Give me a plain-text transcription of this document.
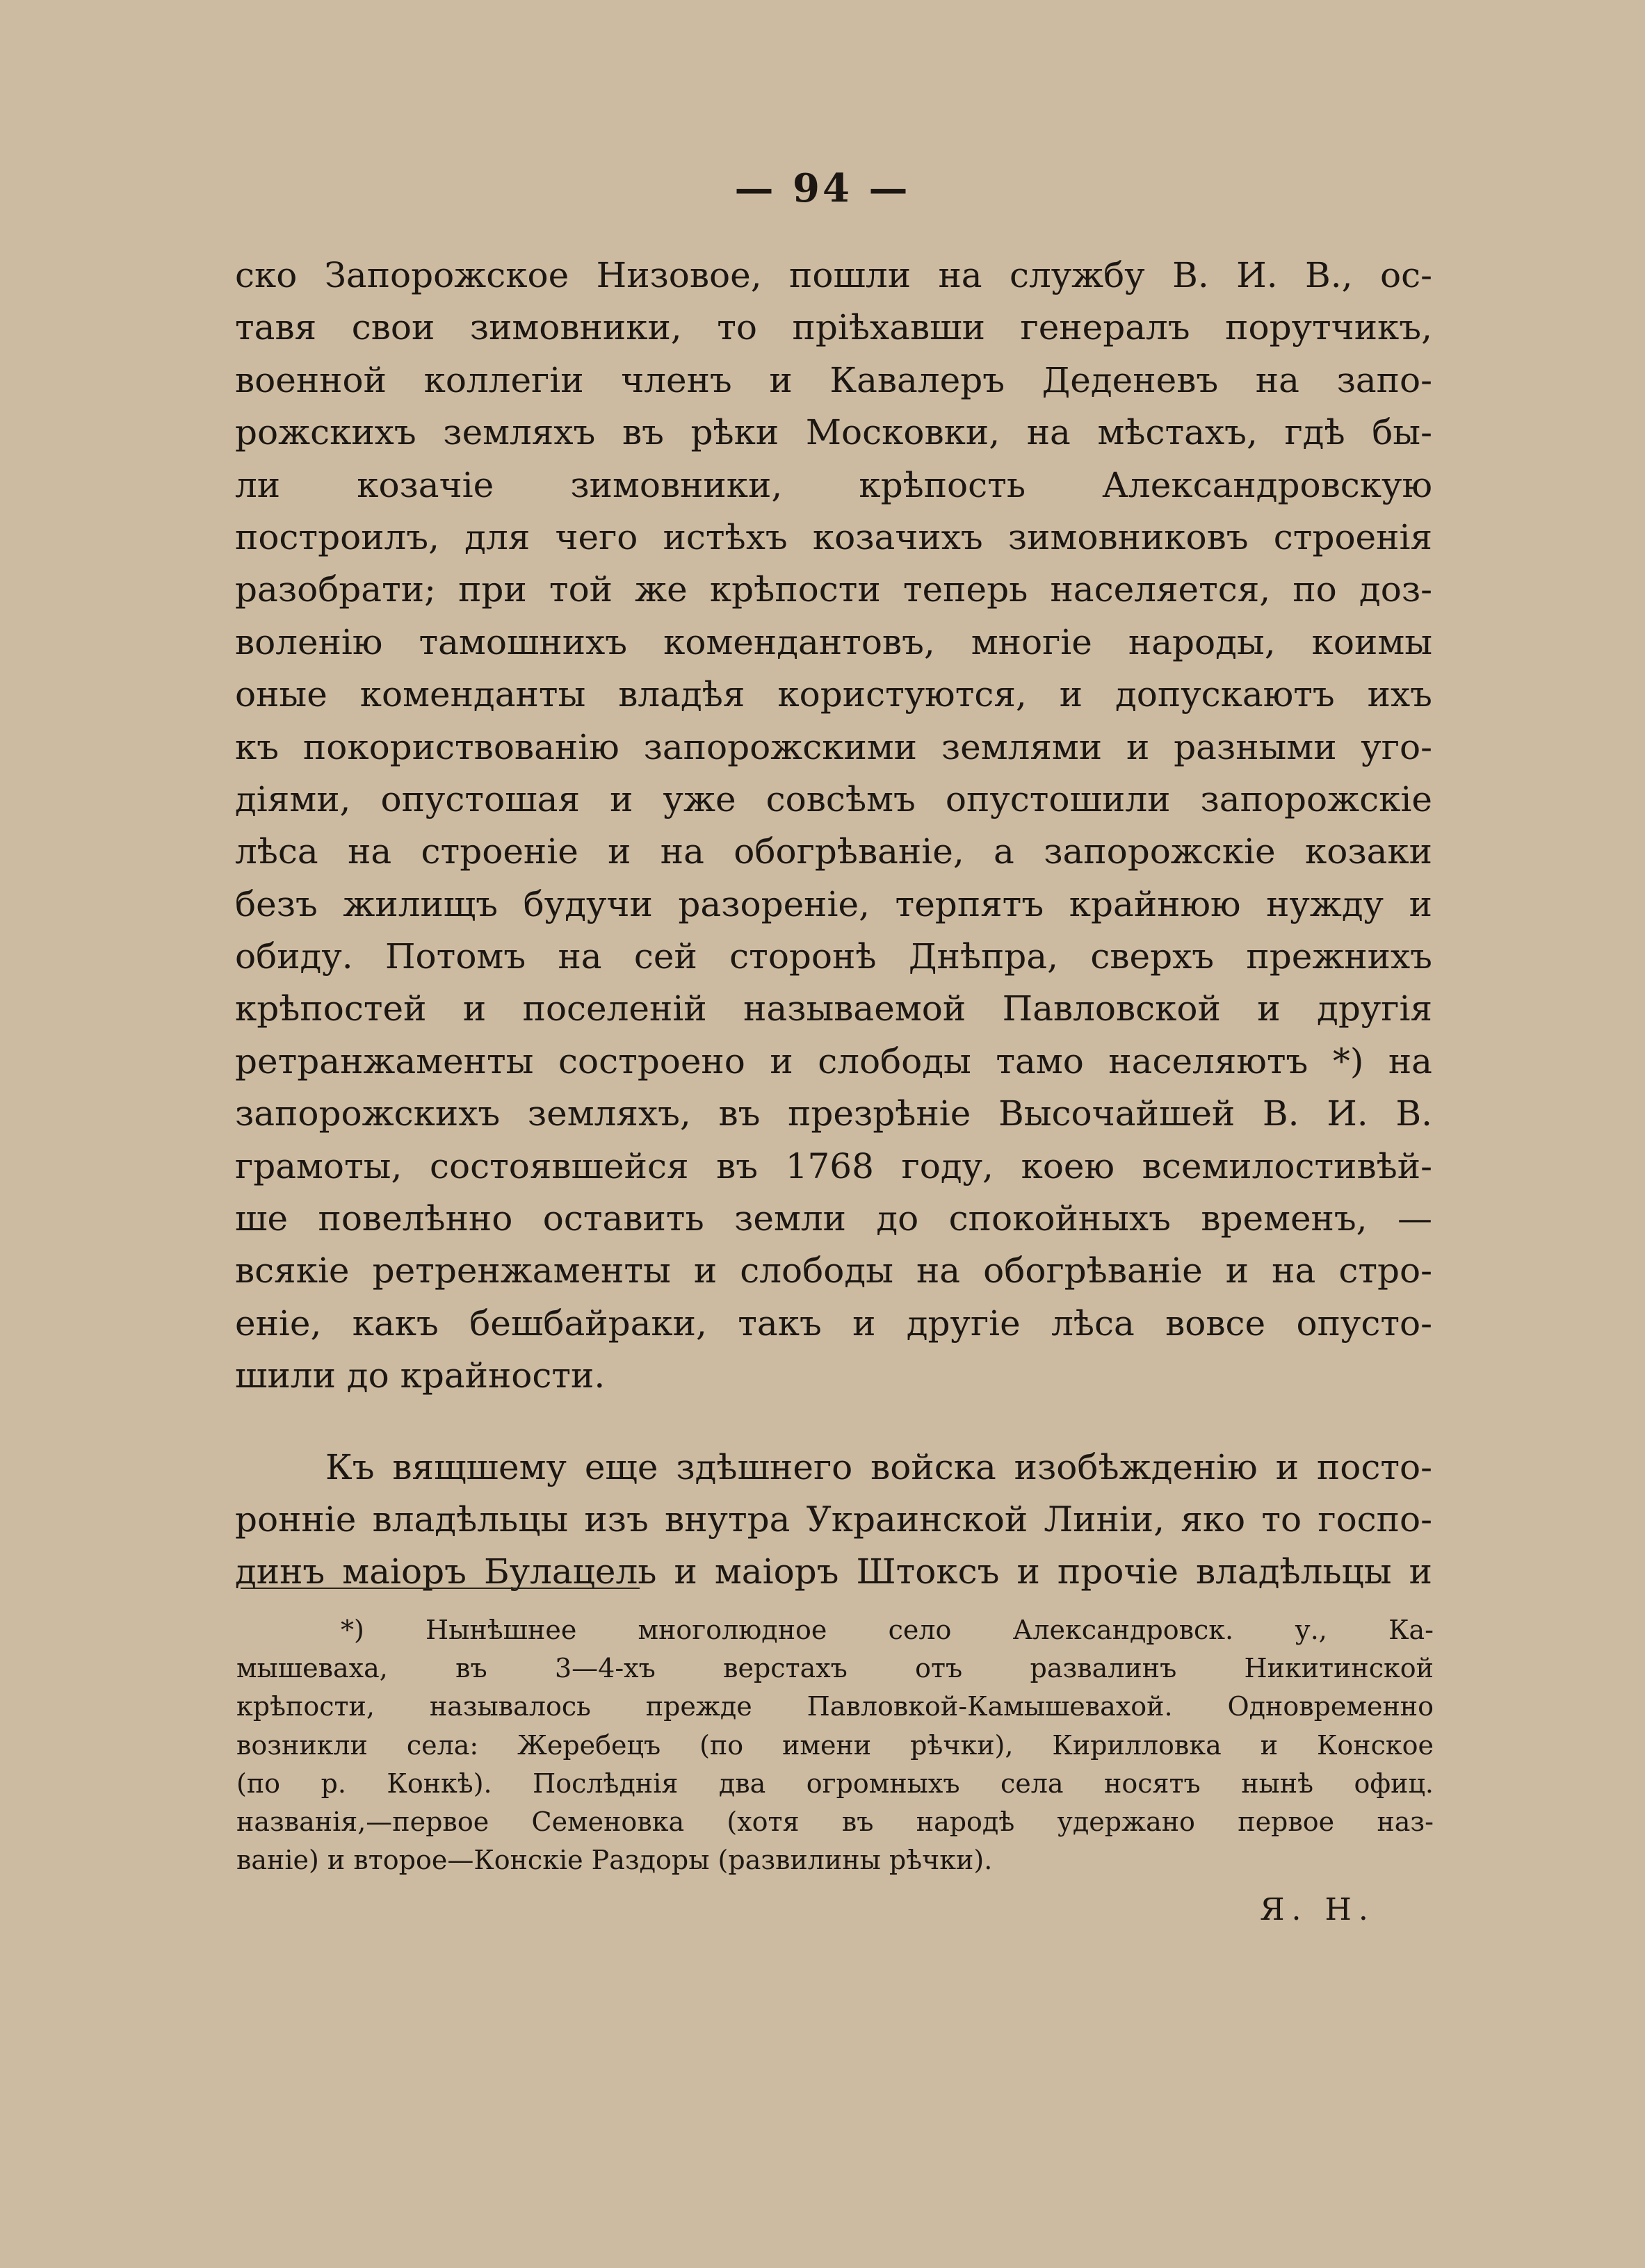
— 94 —
ско Запорожское Низовое, пошли на службу В. И. В., ос-
тавя свои зимовники, то пріѣхавши генералъ порутчикъ,
военной коллегіи членъ и Кавалеръ Деденевъ на запо-
рожскихъ земляхъ въ рѣки Московки, на мѣстахъ, гдѣ бы-
ли козачіе зимовники, крѣпость Александровскую
построилъ, для чего истѣхъ козачихъ зимовниковъ строенія
разобрати; при той же крѣпости теперь населяется, по доз-
воленію тамошнихъ комендантовъ, многіе народы, коимы
оные коменданты владѣя користуются, и допускаютъ ихъ
къ покориствованію запорожскими землями и разными уго-
діями, опустошая и уже совсѣмъ опустошили запорожскіе
лѣса на строеніе и на обогрѣваніе, а запорожскіе козаки
безъ жилищъ будучи разореніе, терпятъ крайнюю нужду и
обиду. Потомъ на сей сторонѣ Днѣпра, сверхъ прежнихъ
крѣпостей и поселеній называемой Павловской и другія
ретранжаменты состроено и слободы тамо населяютъ *) на
запорожскихъ земляхъ, въ презрѣніе Высочайшей В. И. В.
грамоты, состоявшейся въ 1768 году, коею всемилостивѣй-
ше повелѣнно оставить земли до спокойныхъ временъ, —
всякіе ретренжаменты и слободы на обогрѣваніе и на стро-
еніе, какъ бешбайраки, такъ и другіе лѣса вовсе опусто-
шили до крайности.
Къ вящшему еще здѣшнего войска изобѣжденію и посто-
ронніе владѣльцы изъ внутра Украинской Линіи, яко то госпо-
динъ маіоръ Булацель и маіоръ Штоксъ и прочіе владѣльцы и
*) Нынѣшнее многолюдное село Александровск. у., Ка-
мышеваха, въ 3—4-хъ верстахъ отъ развалинъ Никитинской
крѣпости, называлось прежде Павловкой-Камышевахой. Одновременно
возникли села: Жеребецъ (по имени рѣчки), Кирилловка и Конское
(по р. Конкѣ). Послѣднія два огромныхъ села носятъ нынѣ офиц.
названія,—первое Семеновка (хотя въ народѣ удержано первое наз-
ваніе) и второе—Конскіе Раздоры (развилины рѣчки).
Я. Н.
